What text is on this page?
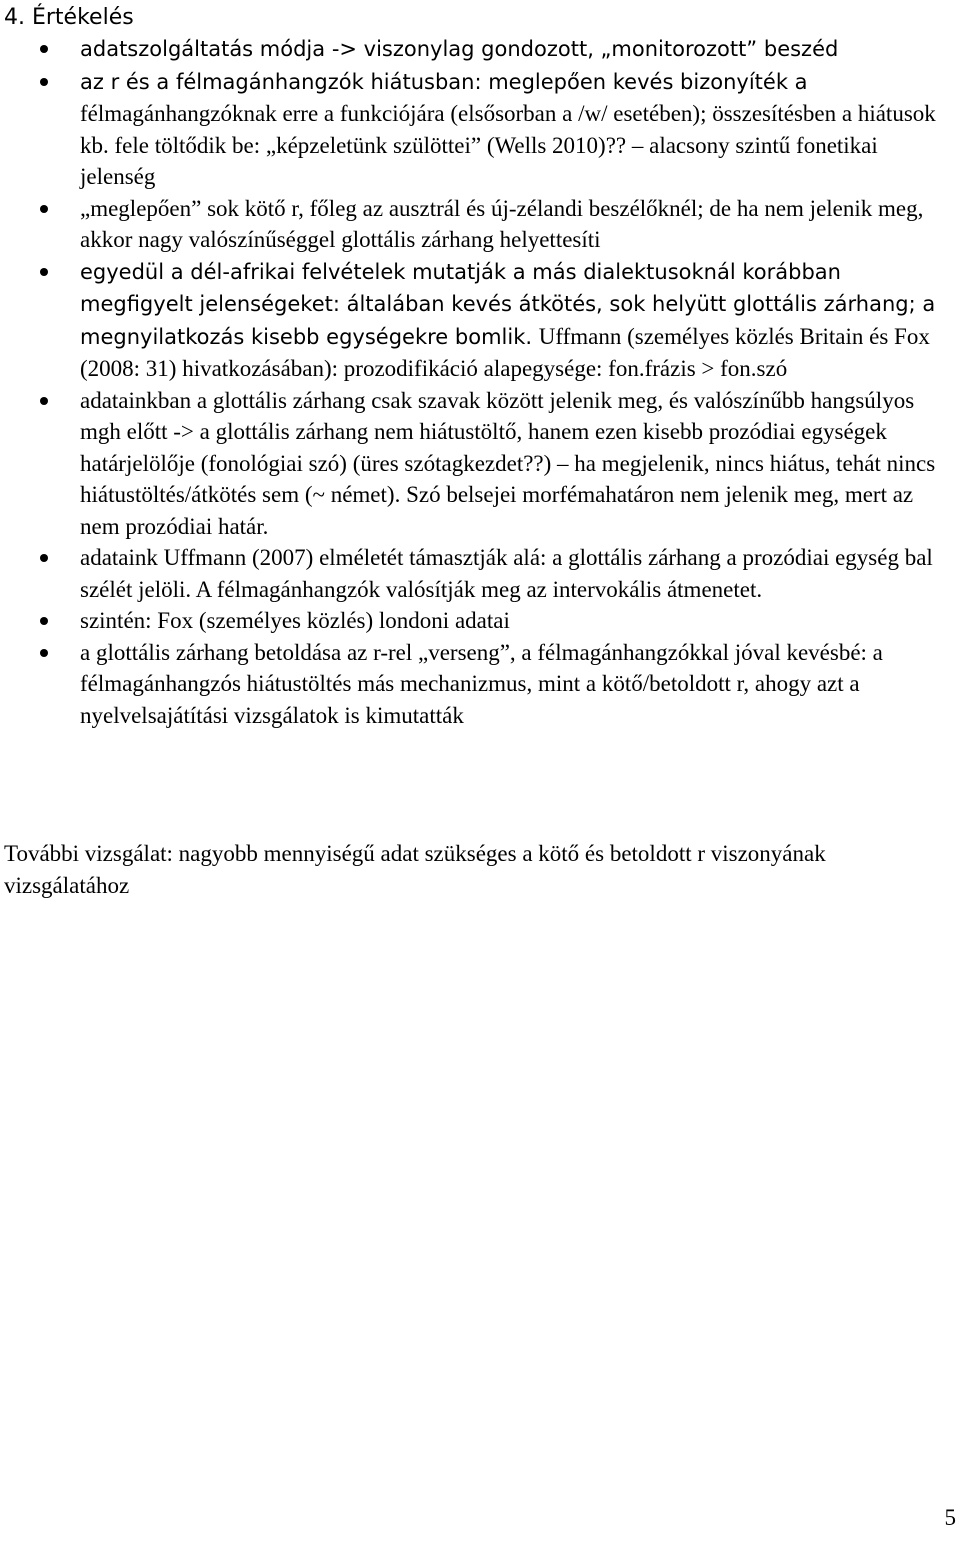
4. Értékelés
adatszolgáltatás módja -> viszonylag gondozott, „monitorozott” beszéd
az r és a félmagánhangzók hiátusban: meglepően kevés bizonyíték a félmagánhangzóknak erre a funkciójára (elsősorban a /w/ esetében); összesítésben a hiátusok kb. fele töltődik be: „képzeletünk szülöttei” (Wells 2010)?? – alacsony szintű fonetikai jelenség
„meglepően” sok kötő r, főleg az ausztrál és új-zélandi beszélőknél; de ha nem jelenik meg, akkor nagy valószínűséggel glottális zárhang helyettesíti
egyedül a dél-afrikai felvételek mutatják a más dialektusoknál korábban megfigyelt jelenségeket: általában kevés átkötés, sok helyütt glottális zárhang; a megnyilatkozás kisebb egységekre bomlik. Uffmann (személyes közlés Britain és Fox (2008: 31) hivatkozásában): prozodifikáció alapegysége: fon.frázis > fon.szó
adatainkban a glottális zárhang csak szavak között jelenik meg, és valószínűbb hangsúlyos mgh előtt -> a glottális zárhang nem hiátustöltő, hanem ezen kisebb prozódiai egységek határjelölője (fonológiai szó) (üres szótagkezdet??) – ha megjelenik, nincs hiátus, tehát nincs hiátustöltés/átkötés sem (~ német). Szó belsejei morfémahatáron nem jelenik meg, mert az nem prozódiai határ.
adataink Uffmann (2007) elméletét támasztják alá: a glottális zárhang a prozódiai egység bal szélét jelöli. A félmagánhangzók valósítják meg az intervokális átmenetet.
szintén: Fox (személyes közlés) londoni adatai
a glottális zárhang betoldása az r-rel „verseng”, a félmagánhangzókkal jóval kevésbé: a félmagánhangzós hiátustöltés más mechanizmus, mint a kötő/betoldott r, ahogy azt a nyelvelsajátítási vizsgálatok is kimutatták

További vizsgálat: nagyobb mennyiségű adat szükséges a kötő és betoldott r viszonyának vizsgálatához

5
